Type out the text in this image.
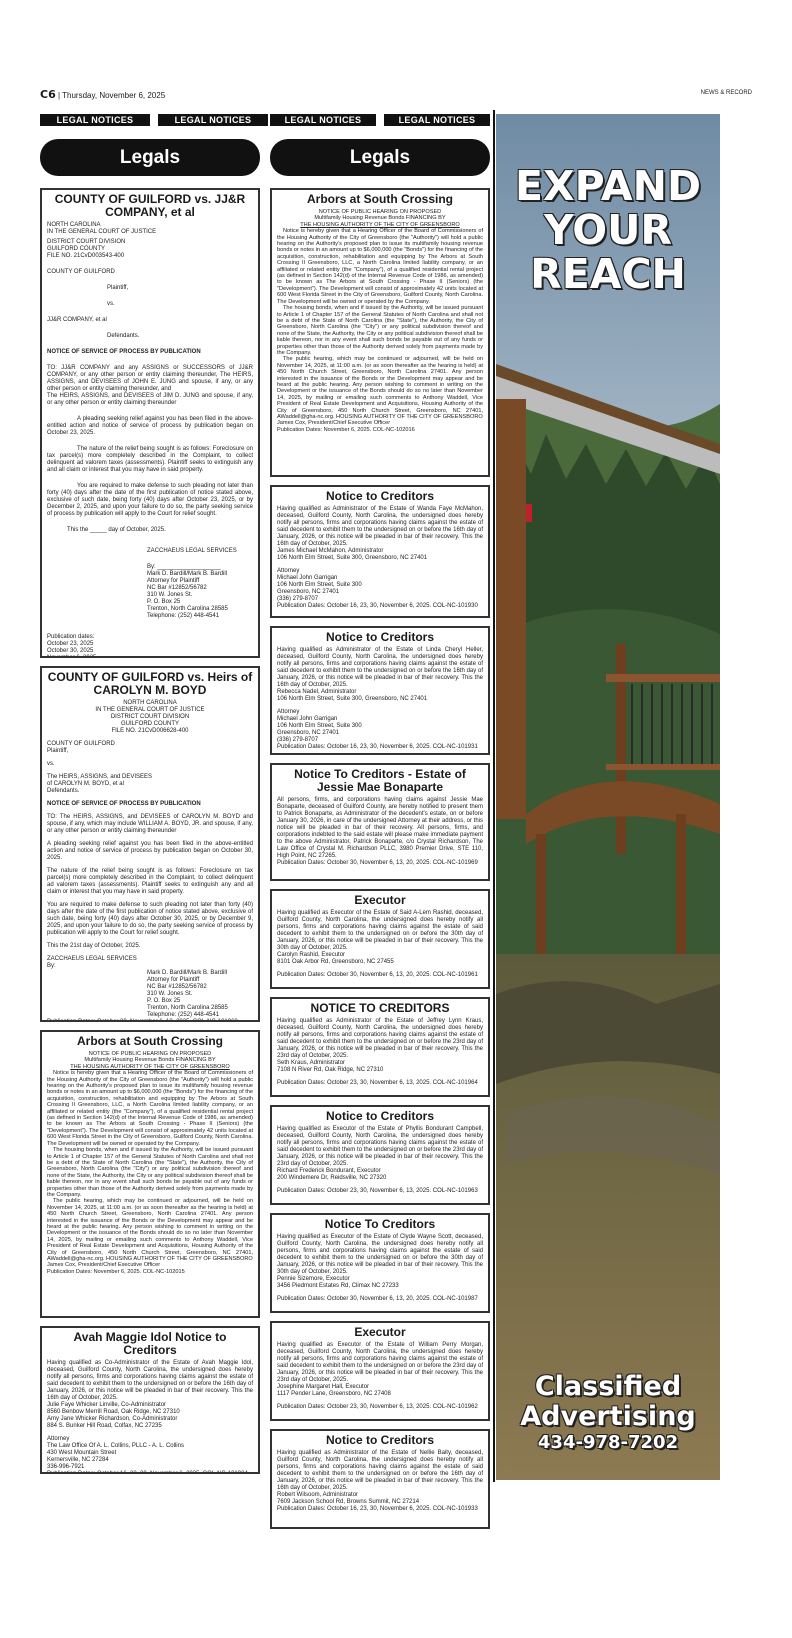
C6 | Thursday, November 6, 2025	NEWS & RECORD
LEGAL NOTICES	LEGAL NOTICES	LEGAL NOTICES	LEGAL NOTICES
Legals	Legals
COUNTY OF GUILFORD vs. JJ&R COMPANY, et al

NORTH CAROLINA

IN THE GENERAL COURT OF JUSTICE

DISTRICT COURT DIVISION

GUILFORD COUNTY

FILE NO. 21CvD003543-400

COUNTY OF GUILFORD

Plaintiff,

vs.

JJ&R COMPANY, et al

Defendants.

NOTICE OF SERVICE OF PROCESS BY PUBLICATION

TO: JJ&R COMPANY and any ASSIGNS or SUCCESSORS of JJ&R COMPANY, or any other person or entity claiming thereunder, The HEIRS, ASSIGNS, and DEVISEES of JOHN E. JUNG and spouse, if any, or any other person or entity claiming thereunder, and

The HEIRS, ASSIGNS, and DEVISEES of JIM D. JUNG and spouse, if any, or any other person or entity claiming thereunder

A pleading seeking relief against you has been filed in the above-entitled action and notice of service of process by publication began on October 23, 2025.

The nature of the relief being sought is as follows: Foreclosure on tax parcel(s) more completely described in the Complaint, to collect delinquent ad valorem taxes (assessments). Plaintiff seeks to extinguish any and all claim or interest that you may have in said property.

You are required to make defense to such pleading not later than forty (40) days after the date of the first publication of notice stated above, exclusive of such date, being forty (40) days after October 23, 2025, or by December 2, 2025, and upon your failure to do so, the party seeking service of process by publication will apply to the Court for relief sought.

This the _____ day of October, 2025.

ZACCHAEUS LEGAL SERVICES

By: ___________________

Mark D. Bardill/Mark B. Bardill

Attorney for Plaintiff

NC Bar #12852/56782

310 W. Jones St.

P. O. Box 25

Trenton, North Carolina 28585

Telephone: (252) 448-4541

Publication dates:

October 23, 2025

October 30, 2025

November 6, 2025

COUNTY OF GUILFORD vs. Heirs of CAROLYN M. BOYD

NORTH CAROLINA

IN THE GENERAL COURT OF JUSTICE

DISTRICT COURT DIVISION

GUILFORD COUNTY

FILE NO. 21CvD006628-400

COUNTY OF GUILFORD

Plaintiff,

vs.

The HEIRS, ASSIGNS, and DEVISEES

of CAROLYN M. BOYD, et al

Defendants.

NOTICE OF SERVICE OF PROCESS BY PUBLICATION

TO: The HEIRS, ASSIGNS, and DEVISEES of CAROLYN M. BOYD and spouse, if any, which may include WILLIAM A. BOYD, JR. and spouse, if any, or any other person or entity claiming thereunder

A pleading seeking relief against you has been filed in the above-entitled action and notice of service of process by publication began on October 30, 2025.

The nature of the relief being sought is as follows: Foreclosure on tax parcel(s) more completely described in the Complaint, to collect delinquent ad valorem taxes (assessments). Plaintiff seeks to extinguish any and all claim or interest that you may have in said property.

You are required to make defense to such pleading not later than forty (40) days after the date of the first publication of notice stated above, exclusive of such date, being forty (40) days after October 30, 2025, or by December 9, 2025, and upon your failure to do so, the party seeking service of process by publication will apply to the Court for relief sought.

This the 21st day of October, 2025.

ZACCHAEUS LEGAL SERVICES

By:

Mark D. Bardill/Mark B. Bardill

Attorney for Plaintiff

NC Bar #12852/56782

310 W. Jones St.

P. O. Box 25

Trenton, North Carolina 28585

Telephone: (252) 448-4541

Publication Dates: October 30, November 6, 13, 2025. COL-NC-101968

Arbors at South Crossing

NOTICE OF PUBLIC HEARING ON PROPOSED

Multifamily Housing Revenue Bonds FINANCING BY

THE HOUSING AUTHORITY OF THE CITY OF GREENSBORO

Notice is hereby given that a Hearing Officer of the Board of Commissioners of the Housing Authority of the City of Greensboro (the "Authority") will hold a public hearing on the Authority's proposed plan to issue its multifamily housing revenue bonds or notes in an amount up to $6,000,000 (the "Bonds") for the financing of the acquisition, construction, rehabilitation and equipping by The Arbors at South Crossing II Greensboro, LLC, a North Carolina limited liability company, or an affiliated or related entity (the "Company"), of a qualified residential rental project (as defined in Section 142(d) of the Internal Revenue Code of 1986, as amended) to be known as The Arbors at South Crossing - Phase II (Seniors) (the "Development"). The Development will consist of approximately 42 units located at 600 West Florida Street in the City of Greensboro, Guilford County, North Carolina. The Development will be owned or operated by the Company.

The housing bonds, when and if issued by the Authority, will be issued pursuant to Article 1 of Chapter 157 of the General Statutes of North Carolina and shall not be a debt of the State of North Carolina (the "State"), the Authority, the City of Greensboro, North Carolina (the "City") or any political subdivision thereof and none of the State, the Authority, the City or any political subdivision thereof shall be liable thereon, nor in any event shall such bonds be payable out of any funds or properties other than those of the Authority derived solely from payments made by the Company.

The public hearing, which may be continued or adjourned, will be held on November 14, 2025, at 11:00 a.m. (or as soon thereafter as the hearing is held) at 450 North Church Street, Greensboro, North Carolina 27401. Any person interested in the issuance of the Bonds or the Development may appear and be heard at the public hearing. Any person wishing to comment in writing on the Development or the issuance of the Bonds should do so no later than November 14, 2025, by mailing or emailing such comments to Anthony Waddell, Vice President of Real Estate Development and Acquisitions, Housing Authority of the City of Greensboro, 450 North Church Street, Greensboro, NC 27401, AWaddell@gha-nc.org. HOUSING AUTHORITY OF THE CITY OF GREENSBORO

James Cox, President/Chief Executive Officer

Publication Dates: November 6, 2025. COL-NC-102015

Avah Maggie Idol Notice to Creditors

Having qualified as Co-Administrator of the Estate of Avah Maggie Idol, deceased, Guilford County, North Carolina, the undersigned does hereby notify all persons, firms and corporations having claims against the estate of said decedent to exhibit them to the undersigned on or before the 16th day of January, 2026, or this notice will be pleaded in bar of their recovery. This the 16th day of October, 2025.

Julie Faye Whicker Linville, Co-Administrator

8560 Benbow Merrill Road, Oak Ridge, NC 27310

Amy Jane Whicker Richardson, Co-Administrator

884 S. Bunker Hill Road, Colfax, NC 27235

Attorney

The Law Office Of A. L. Collins, PLLC - A. L. Collins

430 West Mountain Street

Kernersville, NC 27284

336-996-7921

Publication Dates: October 16, 23, 30, November 6, 2025. COL-NC-101934

Arbors at South Crossing

NOTICE OF PUBLIC HEARING ON PROPOSED

Multifamily Housing Revenue Bonds FINANCING BY

THE HOUSING AUTHORITY OF THE CITY OF GREENSBORO

Notice is hereby given that a Hearing Officer of the Board of Commissioners of the Housing Authority of the City of Greensboro (the "Authority") will hold a public hearing on the Authority's proposed plan to issue its multifamily housing revenue bonds or notes in an amount up to $6,000,000 (the "Bonds") for the financing of the acquisition, construction, rehabilitation and equipping by The Arbors at South Crossing II Greensboro, LLC, a North Carolina limited liability company, or an affiliated or related entity (the "Company"), of a qualified residential rental project (as defined in Section 142(d) of the Internal Revenue Code of 1986, as amended) to be known as The Arbors at South Crossing - Phase II (Seniors) (the "Development"). The Development will consist of approximately 42 units located at 600 West Florida Street in the City of Greensboro, Guilford County, North Carolina. The Development will be owned or operated by the Company.

The housing bonds, when and if issued by the Authority, will be issued pursuant to Article 1 of Chapter 157 of the General Statutes of North Carolina and shall not be a debt of the State of North Carolina (the "State"), the Authority, the City of Greensboro, North Carolina (the "City") or any political subdivision thereof and none of the State, the Authority, the City or any political subdivision thereof shall be liable thereon, nor in any event shall such bonds be payable out of any funds or properties other than those of the Authority derived solely from payments made by the Company.

The public hearing, which may be continued or adjourned, will be held on November 14, 2025, at 11:00 a.m. (or as soon thereafter as the hearing is held) at 450 North Church Street, Greensboro, North Carolina 27401. Any person interested in the issuance of the Bonds or the Development may appear and be heard at the public hearing. Any person wishing to comment in writing on the Development or the issuance of the Bonds should do so no later than November 14, 2025, by mailing or emailing such comments to Anthony Waddell, Vice President of Real Estate Development and Acquisitions, Housing Authority of the City of Greensboro, 450 North Church Street, Greensboro, NC 27401, AWaddell@gha-nc.org. HOUSING AUTHORITY OF THE CITY OF GREENSBORO

James Cox, President/Chief Executive Officer

Publication Dates: November 6, 2025. COL-NC-102016

Notice to Creditors

Having qualified as Administrator of the Estate of Wanda Faye McMahon, deceased, Guilford County, North Carolina, the undersigned does hereby notify all persons, firms and corporations having claims against the estate of said decedent to exhibit them to the undersigned on or before the 16th day of January, 2026, or this notice will be pleaded in bar of their recovery. This the 16th day of October, 2025.

James Michael McMahon, Administrator

106 North Elm Street, Suite 300, Greensboro, NC 27401

Attorney

Michael John Garrigan

106 North Elm Street, Suite 300

Greensboro, NC 27401

(336) 279-8707

Publication Dates: October 16, 23, 30, November 6, 2025. COL-NC-101930

Notice to Creditors

Having qualified as Administrator of the Estate of Linda Cheryl Heller, deceased, Guilford County, North Carolina, the undersigned does hereby notify all persons, firms and corporations having claims against the estate of said decedent to exhibit them to the undersigned on or before the 16th day of January, 2026, or this notice will be pleaded in bar of their recovery. This the 16th day of October, 2025.

Rebecca Nadel, Administrator

106 North Elm Street, Suite 300, Greensboro, NC 27401

Attorney

Michael John Garrigan

106 North Elm Street, Suite 300

Greensboro, NC 27401

(336) 279-8707

Publication Dates: October 16, 23, 30, November 6, 2025. COL-NC-101931

Notice To Creditors - Estate of Jessie Mae Bonaparte

All persons, firms, and corporations having claims against Jessie Mae Bonaparte, deceased of Guilford County, are hereby notified to present them to Patrick Bonaparte, as Administrator of the decedent's estate, on or before January 30, 2026, in care of the undersigned Attorney at their address, or this notice will be pleaded in bar of their recovery. All persons, firms, and corporations indebted to the said estate will please make immediate payment to the above Administrator, Patrick Bonaparte, c/o Crystal Richardson, The Law Office of Crystal M. Richardson PLLC, 3980 Premier Drive, STE 110, High Point, NC 27265.

Publication Dates: October 30, November 6, 13, 20, 2025. COL-NC-101969

Executor

Having qualified as Executor of the Estate of Said A-Lem Rashid, deceased, Guilford County, North Carolina, the undersigned does hereby notify all persons, firms and corporations having claims against the estate of said decedent to exhibit them to the undersigned on or before the 30th day of January, 2026, or this notice will be pleaded in bar of their recovery. This the 30th day of October, 2025.

Carolyn Rashid, Executor

8101 Oak Arbor Rd, Greensboro, NC 27455

Publication Dates: October 30, November 6, 13, 20, 2025. COL-NC-101961

NOTICE TO CREDITORS

Having qualified as Administrator of the Estate of Jeffrey Lynn Kraus, deceased, Guilford County, North Carolina, the undersigned does hereby notify all persons, firms and corporations having claims against the estate of said decedent to exhibit them to the undersigned on or before the 23rd day of January, 2026, or this notice will be pleaded in bar of their recovery. This the 23rd day of October, 2025.

Seth Kraus, Administrator

7108 N River Rd, Oak Ridge, NC 27310

Publication Dates: October 23, 30, November 6, 13, 2025. COL-NC-101964

Notice to Creditors

Having qualified as Executor of the Estate of Phyllis Bondurant Campbell, deceased, Guilford County, North Carolina, the undersigned does hereby notify all persons, firms and corporations having claims against the estate of said decedent to exhibit them to the undersigned on or before the 23rd day of January, 2026, or this notice will be pleaded in bar of their recovery. This the 23rd day of October, 2025.

Richard Frederick Bondurant, Executor

200 Windemere Dr, Reidsville, NC 27320

Publication Dates: October 23, 30, November 6, 13, 2025. COL-NC-101963

Notice To Creditors

Having qualified as Executor of the Estate of Clyde Wayne Scott, deceased, Guilford County, North Carolina, the undersigned does hereby notify all persons, firms and corporations having claims against the estate of said decedent to exhibit them to the undersigned on or before the 30th day of January, 2026, or this notice will be pleaded in bar of their recovery. This the 30th day of October, 2025.

Pennie Sizemore, Executor

3456 Piedmont Estates Rd, Climax NC 27233

Publication Dates: October 30, November 6, 13, 20, 2025. COL-NC-101987

Executor

Having qualified as Executor of the Estate of William Perry Morgan, deceased, Guilford County, North Carolina, the undersigned does hereby notify all persons, firms and corporations having claims against the estate of said decedent to exhibit them to the undersigned on or before the 23rd day of January, 2026, or this notice will be pleaded in bar of their recovery. This the 23rd day of October, 2025.

Josephine Margaret Hall, Executor

1117 Pender Lane, Greensboro, NC 27408

Publication Dates: October 23, 30, November 6, 13, 2025. COL-NC-101962

Notice to Creditors

Having qualified as Administrator of the Estate of Nellie Baity, deceased, Guilford County, North Carolina, the undersigned does hereby notify all persons, firms and corporations having claims against the estate of said decedent to exhibit them to the undersigned on or before the 16th day of January, 2026, or this notice will be pleaded in bar of their recovery. This the 16th day of October, 2025.

Robert Wilsoom, Administrator

7609 Jackson School Rd, Browns Summit, NC 27214

Publication Dates: October 16, 23, 30, November 6, 2025. COL-NC-101933

EXPAND
YOUR
REACH
Classified
Advertising
434-978-7202
